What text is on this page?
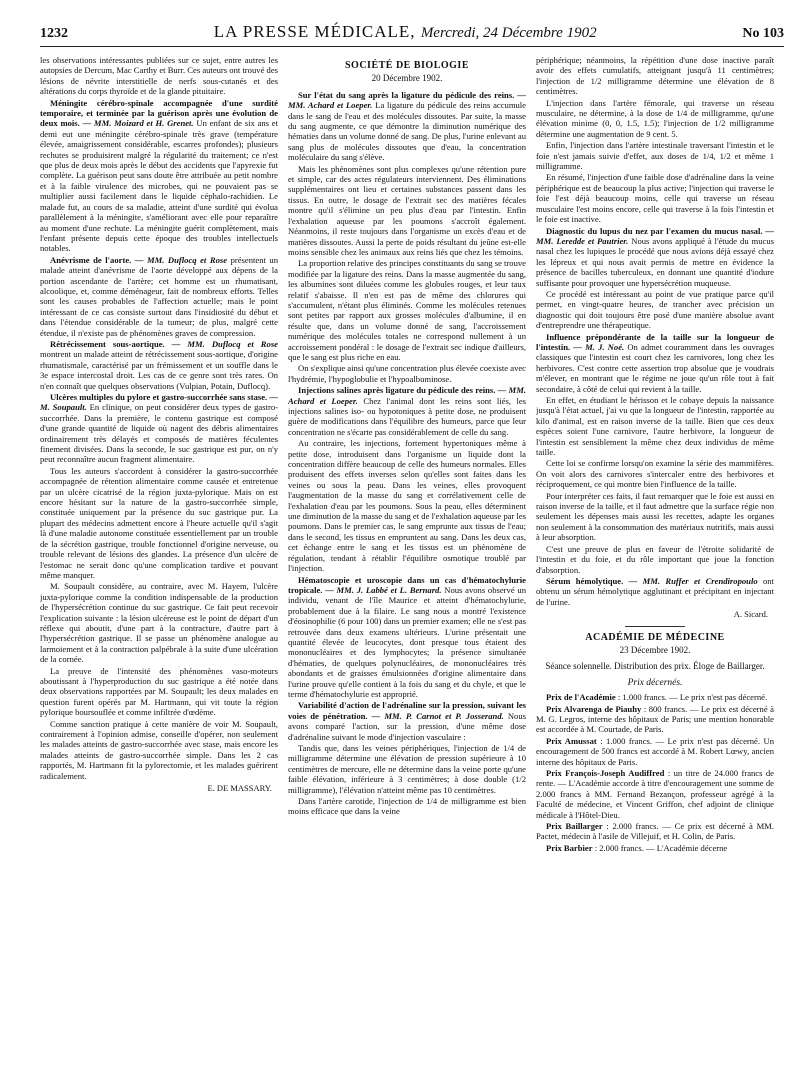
1232	LA PRESSE MÉDICALE, Mercredi, 24 Décembre 1902	No 103

les observations intéressantes publiées sur ce sujet, entre autres les autopsies de Dercum, Mac Carthy et Burr. Ces auteurs ont trouvé des lésions de névrite interstitielle de nerfs sous-cutanés et des altérations du corps thyroïde et de la glande pituitaire.

Méningite cérébro-spinale accompagnée d'une surdité temporaire, et terminée par la guérison après une évolution de deux mois. — MM. Moizard et H. Grenet. Un enfant de six ans et demi eut une méningite cérébro-spinale très grave (température élevée, amaigrissement considérable, escarres profondes); plusieurs rechutes se produisirent malgré la régularité du traitement; ce n'est que plus de deux mois après le début des accidents que l'apyrexie fut complète. La guérison peut sans doute être attribuée au petit nombre et à la faible virulence des microbes, qui ne pouvaient pas se multiplier aussi facilement dans le liquide céphalo-rachidien. Le malade fut, au cours de sa maladie, atteint d'une surdité qui évolua parallèlement à la méningite, s'améliorant avec elle pour reparaître au moment d'une rechute. La méningite guérit complètement, mais l'enfant présente depuis cette époque des troubles intellectuels notables.

Anévrisme de l'aorte. — MM. Duflocq et Rose présentent un malade atteint d'anévrisme de l'aorte développé aux dépens de la portion ascendante de l'artère; cet homme est un rhumatisant, alcoolique, et, comme déménageur, fait de nombreux efforts. Telles sont les causes probables de l'affection actuelle; mais le point intéressant de ce cas consiste surtout dans l'insidiosité du début et dans l'étendue considérable de la tumeur; de plus, malgré cette étendue, il n'existe pas de phénomènes graves de compression.

Rétrécissement sous-aortique. — MM. Duflocq et Rose montrent un malade atteint de rétrécissement sous-aortique, d'origine rhumatismale, caractérisé par un frémissement et un souffle dans le 3e espace intercostal droit. Les cas de ce genre sont très rares. On n'en connaît que quelques observations (Vulpian, Potain, Duflocq).

Ulcères multiples du pylore et gastro-succorrhée sans stase. — M. Soupault. En clinique, on peut considérer deux types de gastro-succorrhée. Dans la première, le contenu gastrique est composé d'une grande quantité de liquide où nagent des débris alimentaires ordinairement très délayés et composés de matières féculentes finement divisées. Dans la seconde, le suc gastrique est pur, on n'y peut reconnaître aucun fragment alimentaire.

Tous les auteurs s'accordent à considérer la gastro-succorrhée accompagnée de rétention alimentaire comme causée et entretenue par un ulcère cicatrisé de la région juxta-pylorique. Mais on est encore hésitant sur la nature de la gastro-succorrhée simple, constituée uniquement par la présence du suc gastrique pur. La plupart des médecins admettent encore à l'heure actuelle qu'il s'agit là d'une maladie autonome constituée essentiellement par un trouble de la sécrétion gastrique, trouble fonctionnel d'origine nerveuse, ou trouble relevant de lésions des glandes. La présence d'un ulcère de l'estomac ne serait donc qu'une complication tardive et pouvant même manquer.

M. Soupault considère, au contraire, avec M. Hayem, l'ulcère juxta-pylorique comme la condition indispensable de la production de l'hypersécrétion continue du suc gastrique. Ce fait peut recevoir l'explication suivante : la lésion ulcéreuse est le point de départ d'un réflexe qui aboutit, d'une part à la contracture, d'autre part à l'hypersécrétion gastrique. Il se passe un phénomène analogue au larmoiement et à la contraction palpébrale à la suite d'une ulcération de la cornée.

La preuve de l'intensité des phénomènes vaso-moteurs aboutissant à l'hyperproduction du suc gastrique a été notée dans deux observations rapportées par M. Soupault; les deux malades en question furent opérés par M. Hartmann, qui vit toute la région pylorique boursouflée et comme infiltrée d'œdème.

Comme sanction pratique à cette manière de voir M. Soupault, contrairement à l'opinion admise, conseille d'opérer, non seulement les malades atteints de gastro-succorrhée avec stase, mais encore les malades atteints de gastro-succorrhée simple. Dans les 2 cas rapportés, M. Hartmann fit la pylorectomie, et les malades guérirent radicalement.

E. DE MASSARY.
SOCIÉTÉ DE BIOLOGIE
20 Décembre 1902.

Sur l'état du sang après la ligature du pédicule des reins. — MM. Achard et Loeper. La ligature du pédicule des reins accumule dans le sang de l'eau et des molécules dissoutes. Par suite, la masse du sang augmente, ce que démontre la diminution numérique des hématies dans un volume donné de sang. De plus, l'urine enlevant au sang plus de molécules dissoutes que d'eau, la concentration moléculaire du sang s'élève.

Mais les phénomènes sont plus complexes qu'une rétention pure et simple, car des actes régulateurs interviennent. Des éliminations supplémentaires ont lieu et certaines substances passent dans les tissus. En outre, le dosage de l'extrait sec des matières fécales montre qu'il s'élimine un peu plus d'eau par l'intestin. Enfin l'exhalation aqueuse par les poumons s'accroît également. Néanmoins, il reste toujours dans l'organisme un excès d'eau et de matières dissoutes. Aussi la perte de poids résultant du jeûne est-elle moins sensible chez les animaux aux reins liés que chez les témoins.

La proportion relative des principes constituants du sang se trouve modifiée par la ligature des reins. Dans la masse augmentée du sang, les albumines sont diluées comme les globules rouges, et leur taux relatif s'abaisse. Il n'en est pas de même des chlorures qui s'accumulent, n'étant plus éliminés. Comme les molécules retenues sont petites par rapport aux grosses molécules d'albumine, il en résulte que, dans un volume donné de sang, l'accroissement numérique des molécules totales ne correspond nullement à un accroissement pondéral : le dosage de l'extrait sec indique d'ailleurs, que le sang est plus riche en eau.

On s'explique ainsi qu'une concentration plus élevée coexiste avec l'hydrémie, l'hypoglobulie et l'hypoalbuminose.

Injections salines après ligature du pédicule des reins. — MM. Achard et Loeper. Chez l'animal dont les reins sont liés, les injections salines iso- ou hypotoniques à petite dose, ne produisent guère de modifications dans l'équilibre des humeurs, parce que leur concentration ne s'écarte pas considérablement de celle du sang.

Au contraire, les injections, fortement hypertoniques même à petite dose, introduisent dans l'organisme un liquide dont la concentration diffère beaucoup de celle des humeurs normales. Elles produisent des effets inverses selon qu'elles sont faites dans les veines ou sous la peau. Dans les veines, elles provoquent l'augmentation de la masse du sang et corrélativement celle de l'exhalation d'eau par les poumons. Sous la peau, elles déterminent une diminution de la masse du sang et de l'exhalation aqueuse par les poumons. Dans le premier cas, le sang emprunte aux tissus de l'eau; dans le second, les tissus en empruntent au sang. Dans les deux cas, cet échange entre le sang et les tissus est un phénomène de régulation, tendant à rétablir l'équilibre osmotique troublé par l'injection.

Hématoscopie et uroscopie dans un cas d'hématochylurie tropicale. — MM. J. Labbé et L. Bernard. Nous avons observé un individu, venant de l'île Maurice et atteint d'hématochylurie, probablement due à la filaire. Le sang nous a montré l'existence d'éosinophilie (6 pour 100) dans un premier examen; elle ne s'est pas retrouvée dans deux examens ultérieurs. L'urine présentait une quantité élevée de leucocytes, dont presque tous étaient des mononucléaires et des lymphocytes; la présence simultanée d'hématies, de quelques polynucléaires, de mononucléaires très abondants et de graisses émulsionnées d'origine alimentaire dans l'urine prouve qu'elle contient à la fois du sang et du chyle, et que le terme d'hématochylurie est approprié.

Variabilité d'action de l'adrénaline sur la pression, suivant les voies de pénétration. — MM. P. Carnot et P. Josserand. Nous avons comparé l'action, sur la pression, d'une même dose d'adrénaline suivant le mode d'injection vasculaire :

Tandis que, dans les veines périphériques, l'injection de 1/4 de milligramme détermine une élévation de pression supérieure à 10 centimètres de mercure, elle ne détermine dans la veine porte qu'une faible élévation, inférieure à 3 centimètres; à dose double (1/2 milligramme), l'élévation n'atteint même pas 10 centimètres.

Dans l'artère carotide, l'injection de 1/4 de milligramme est bien moins efficace que dans la veine

périphérique; néanmoins, la répétition d'une dose inactive paraît avoir des effets cumulatifs, atteignant jusqu'à 11 centimètres; l'injection de 1/2 milligramme détermine une élévation de 8 centimètres.

L'injection dans l'artère fémorale, qui traverse un réseau musculaire, ne détermine, à la dose de 1/4 de milligramme, qu'une élévation minime (0, 0, 1.5, 1.5); l'injection de 1/2 milligramme détermine une augmentation de 9 cent. 5.

Enfin, l'injection dans l'artère intestinale traversant l'intestin et le foie n'est jamais suivie d'effet, aux doses de 1/4, 1/2 et même 1 milligramme.

En résumé, l'injection d'une faible dose d'adrénaline dans la veine périphérique est de beaucoup la plus active; l'injection qui traverse le foie l'est déjà beaucoup moins, celle qui traverse un réseau musculaire l'est moins encore, celle qui traverse à la fois l'intestin et le foie est inactive.

Diagnostic du lupus du nez par l'examen du mucus nasal. — MM. Leredde et Pautrier. Nous avons appliqué à l'étude du mucus nasal chez les lupiques le procédé que nous avions déjà essayé chez les lépreux et qui nous avait permis de mettre en évidence la présence de bacilles tuberculeux, en donnant une quantité d'iodure suffisante pour provoquer une hypersécrétion muqueuse.

Ce procédé est intéressant au point de vue pratique parce qu'il permet, en vingt-quatre heures, de trancher avec précision un diagnostic qui doit toujours être posé d'une manière absolue avant d'entreprendre une thérapeutique.

Influence prépondérante de la taille sur la longueur de l'intestin. — M. J. Noé. On admet couramment dans les ouvrages classiques que l'intestin est court chez les carnivores, long chez les herbivores. C'est contre cette assertion trop absolue que je voudrais m'élever, en montrant que le régime ne joue qu'un rôle tout à fait secondaire, à côté de celui qui revient à la taille.

En effet, en étudiant le hérisson et le cobaye depuis la naissance jusqu'à l'état actuel, j'ai vu que la longueur de l'intestin, rapportée au kilo d'animal, est en raison inverse de la taille. Bien que ces deux espèces soient l'une carnivore, l'autre herbivore, la longueur de l'intestin est sensiblement la même chez deux individus de même taille.

Cette loi se confirme lorsqu'on examine la série des mammifères. On voit alors des carnivores s'intercaler entre des herbivores et réciproquement, ce qui montre bien l'influence de la taille.

Pour interpréter ces faits, il faut remarquer que le foie est aussi en raison inverse de la taille, et il faut admettre que la surface régie non seulement les dépenses mais aussi les recettes, adapte les organes non seulement à la consommation des matériaux nutritifs, mais aussi à leur absorption.

C'est une preuve de plus en faveur de l'étroite solidarité de l'intestin et du foie, et du rôle important que joue la fonction d'absorption.

Sérum hémolytique. — MM. Ruffer et Crendiropoulo ont obtenu un sérum hémolytique agglutinant et précipitant en injectant de l'urine.

A. Sicard.
ACADÉMIE DE MÉDECINE
23 Décembre 1902.
Séance solennelle. Distribution des prix. Éloge de Baillarger.
Prix décernés.

Prix de l'Académie : 1.000 francs. — Le prix n'est pas décerné.

Prix Alvarenga de Piauhy : 800 francs. — Le prix est décerné à M. G. Legros, interne des hôpitaux de Paris; une mention honorable est accordée à M. Courtade, de Paris.

Prix Amussat : 1.000 francs. — Le prix n'est pas décerné. Un encouragement de 500 francs est accordé à M. Robert Lœwy, ancien interne des hôpitaux de Paris.

Prix François-Joseph Audiffred : un titre de 24.000 francs de rente. — L'Académie accorde à titre d'encouragement une somme de 2.000 francs à MM. Fernand Bezançon, professeur agrégé à la Faculté de médecine, et Vincent Griffon, chef adjoint de clinique médicale à l'Hôtel-Dieu.

Prix Baillarger : 2.000 francs. — Ce prix est décerné à MM. Pactet, médecin à l'asile de Villejuif, et H. Colin, de Paris.

Prix Barbier : 2.000 francs. — L'Académie décerne
